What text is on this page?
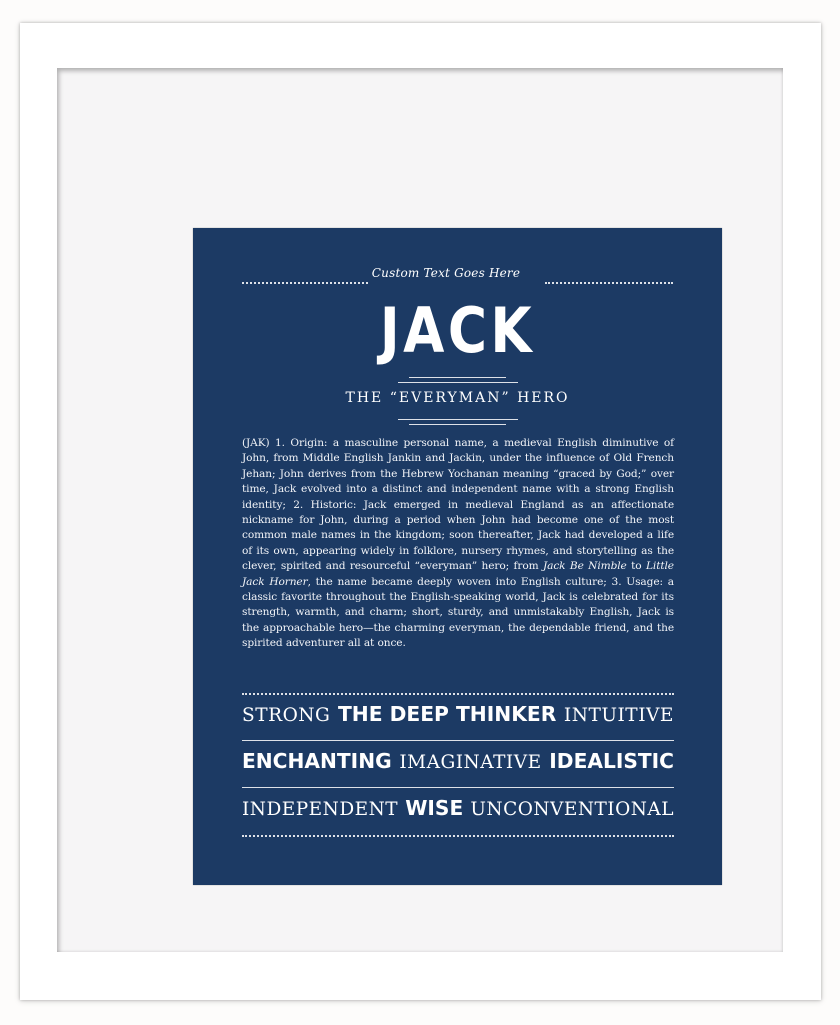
Custom Text Goes Here
JACK
THE “EVERYMAN” HERO
(JAK) 1. Origin: a masculine personal name, a medieval English diminutive of John, from Middle English Jankin and Jackin, under the influence of Old French Jehan; John derives from the Hebrew Yochanan meaning “graced by God;” over time, Jack evolved into a distinct and independent name with a strong English identity; 2. Historic: Jack emerged in medieval England as an affectionate nickname for John, during a period when John had become one of the most common male names in the kingdom; soon thereafter, Jack had developed a life of its own, appearing widely in folklore, nursery rhymes, and storytelling as the clever, spirited and resourceful “everyman” hero; from Jack Be Nimble to Little Jack Horner, the name became deeply woven into English culture; 3. Usage: a classic favorite throughout the English-speaking world, Jack is celebrated for its strength, warmth, and charm; short, sturdy, and unmistakably English, Jack is the approachable hero—the charming everyman, the dependable friend, and the spirited adventurer all at once.
STRONG THE DEEP THINKER INTUITIVE
ENCHANTING IMAGINATIVE IDEALISTIC
INDEPENDENT WISE UNCONVENTIONAL
